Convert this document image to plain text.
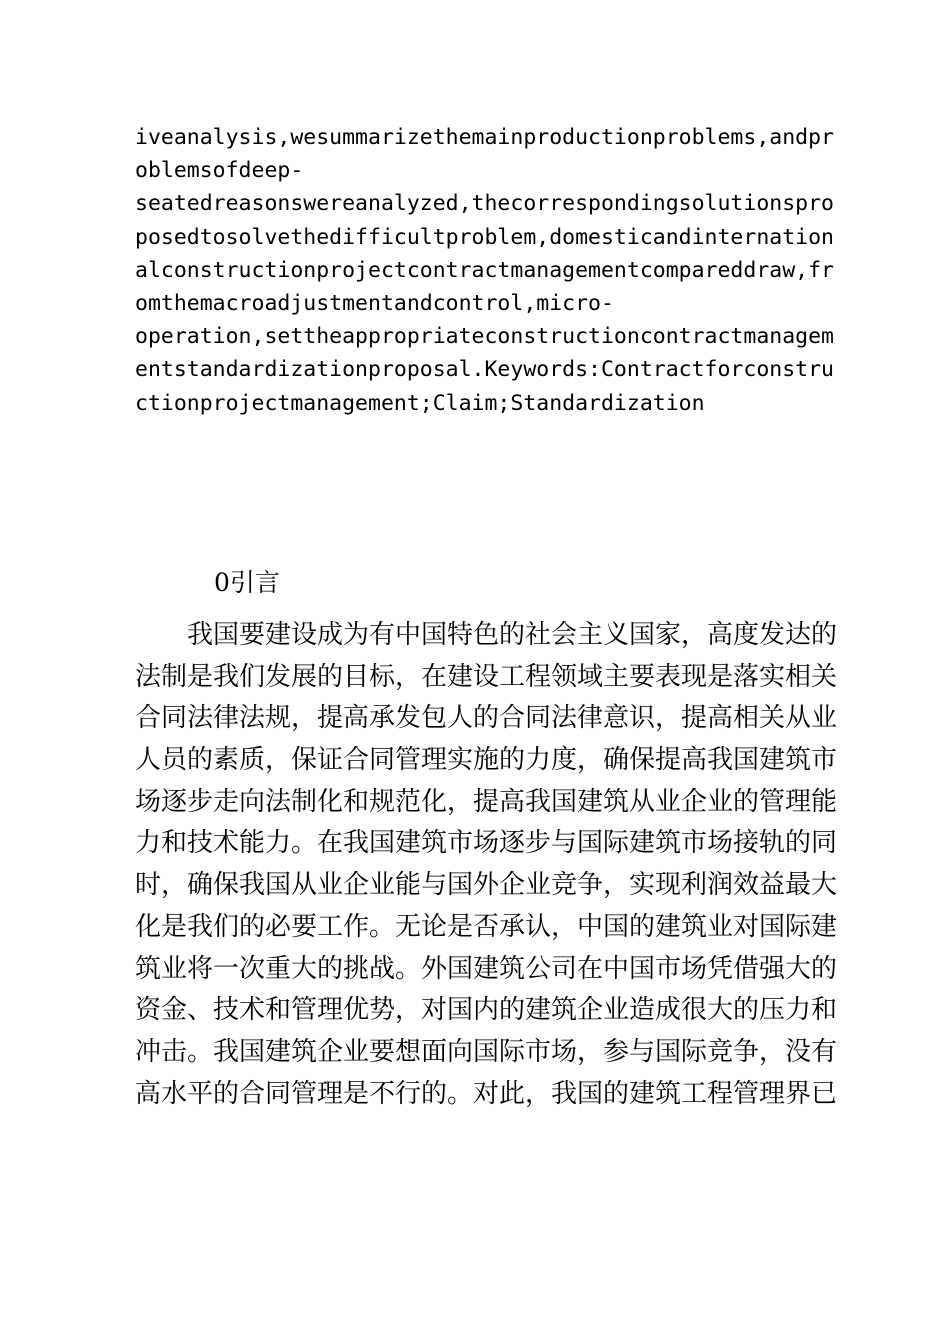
iveanalysis,wesummarizethemainproductionproblems,andpr
oblemsofdeep-
seatedreasonswereanalyzed,thecorrespondingsolutionspro
posedtosolvethedifficultproblem,domesticandinternation
alconstructionprojectcontractmanagementcompareddraw,fr
omthemacroadjustmentandcontrol,micro-
operation,settheappropriateconstructioncontractmanagem
entstandardizationproposal.Keywords:Contractforconstru
ctionprojectmanagement;Claim;Standardization
0引言
　　我国要建设成为有中国特色的社会主义国家，高度发达的
法制是我们发展的目标，在建设工程领域主要表现是落实相关
合同法律法规，提高承发包人的合同法律意识，提高相关从业
人员的素质，保证合同管理实施的力度，确保提高我国建筑市
场逐步走向法制化和规范化，提高我国建筑从业企业的管理能
力和技术能力。在我国建筑市场逐步与国际建筑市场接轨的同
时，确保我国从业企业能与国外企业竞争，实现利润效益最大
化是我们的必要工作。无论是否承认，中国的建筑业对国际建
筑业将一次重大的挑战。外国建筑公司在中国市场凭借强大的
资金、技术和管理优势，对国内的建筑企业造成很大的压力和
冲击。我国建筑企业要想面向国际市场，参与国际竞争，没有
高水平的合同管理是不行的。对此，我国的建筑工程管理界已
